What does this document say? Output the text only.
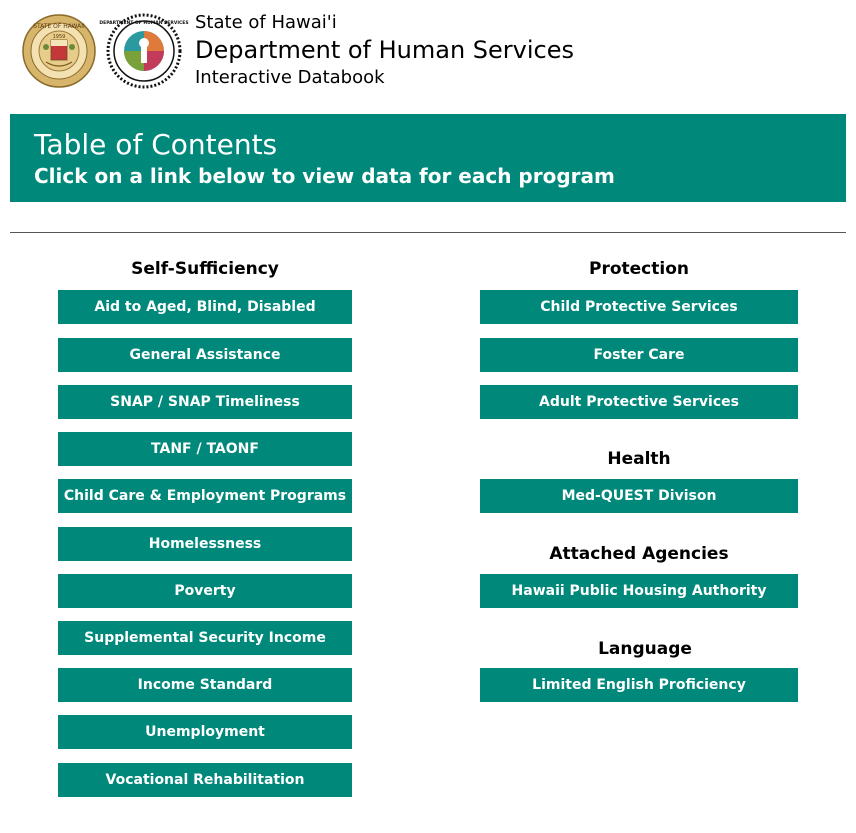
STATE OF HAWAII
1959
DEPARTMENT OF HUMAN SERVICES State of Hawai'i
Department of Human Services
Interactive Databook
Table of Contents
Click on a link below to view data for each program
Self-Sufficiency
Aid to Aged, Blind, Disabled
General Assistance
SNAP / SNAP Timeliness
TANF / TAONF
Child Care & Employment Programs
Homelessness
Poverty
Supplemental Security Income
Income Standard
Unemployment
Vocational Rehabilitation
Protection
Child Protective Services
Foster Care
Adult Protective Services
Health
Med-QUEST Divison
Attached Agencies
Hawaii Public Housing Authority
Language
Limited English Proficiency
